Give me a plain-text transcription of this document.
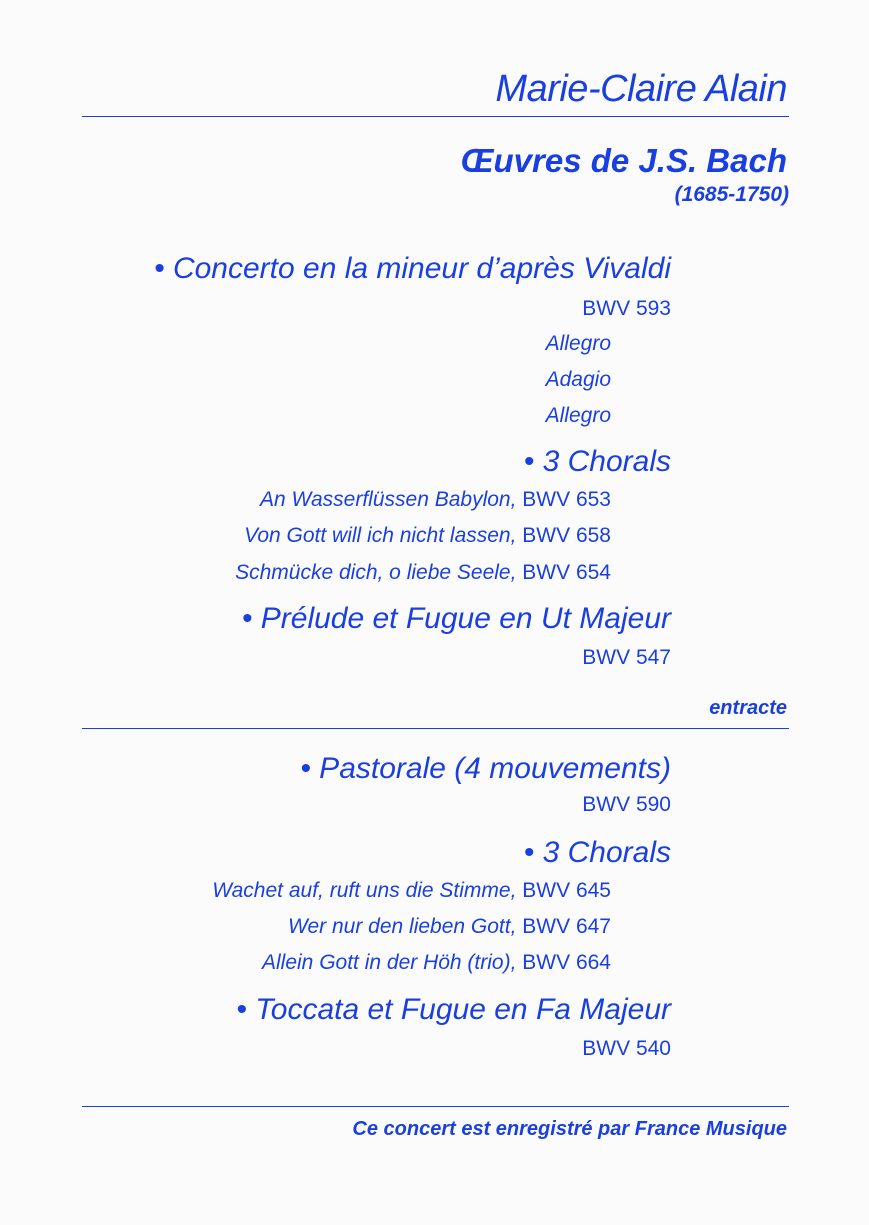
Marie-Claire Alain
Œuvres de J.S. Bach
(1685-1750)
• Concerto en la mineur d’après Vivaldi
BWV 593
Allegro
Adagio
Allegro
• 3 Chorals
An Wasserflüssen Babylon, BWV 653
Von Gott will ich nicht lassen, BWV 658
Schmücke dich, o liebe Seele, BWV 654
• Prélude et Fugue en Ut Majeur
BWV 547
entracte
• Pastorale (4 mouvements)
BWV 590
• 3 Chorals
Wachet auf, ruft uns die Stimme, BWV 645
Wer nur den lieben Gott, BWV 647
Allein Gott in der Höh (trio), BWV 664
• Toccata et Fugue en Fa Majeur
BWV 540
Ce concert est enregistré par France Musique
